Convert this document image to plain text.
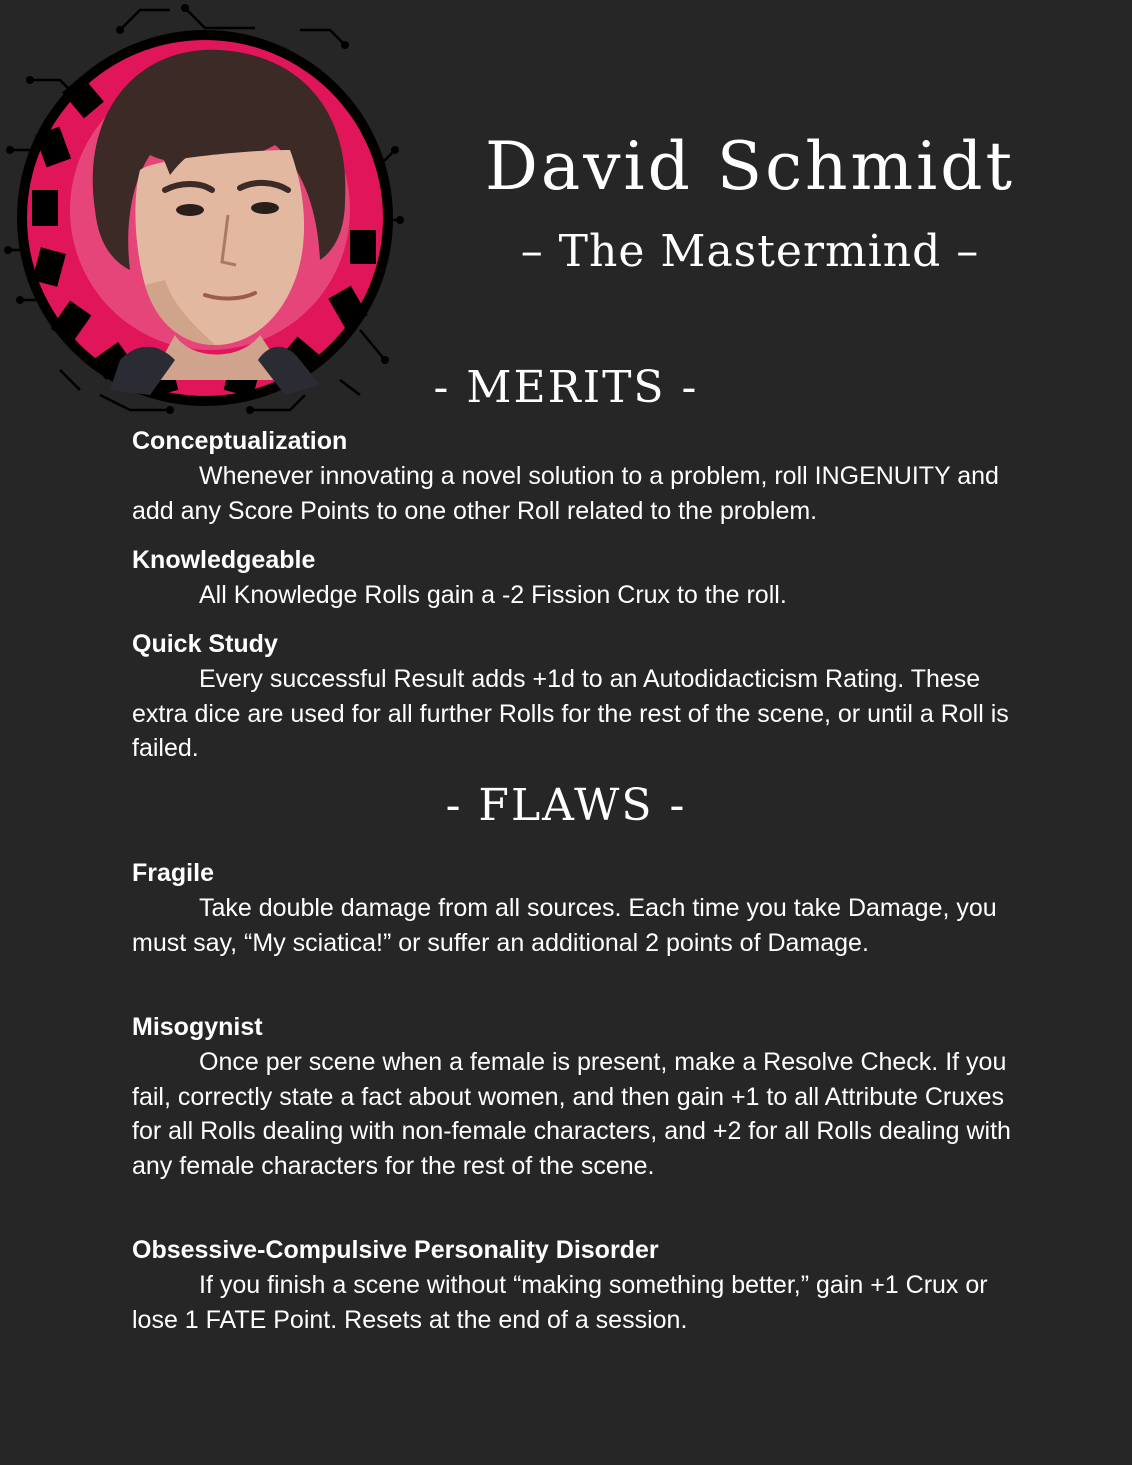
David Schmidt
– The Mastermind –
- MERITS -
Conceptualization

Whenever innovating a novel solution to a problem, roll INGENUITY and add any Score Points to one other Roll related to the problem.

Knowledgeable

All Knowledge Rolls gain a -2 Fission Crux to the roll.

Quick Study

Every successful Result adds +1d to an Autodidacticism Rating. These extra dice are used for all further Rolls for the rest of the scene, or until a Roll is failed.

- FLAWS -
Fragile

Take double damage from all sources. Each time you take Damage, you must say, “My sciatica!” or suffer an additional 2 points of Damage.

Misogynist

Once per scene when a female is present, make a Resolve Check. If you fail, correctly state a fact about women, and then gain +1 to all Attribute Cruxes for all Rolls dealing with non-female characters, and +2 for all Rolls dealing with any female characters for the rest of the scene.

Obsessive-Compulsive Personality Disorder

If you finish a scene without “making something better,” gain +1 Crux or lose 1 FATE Point. Resets at the end of a session.
